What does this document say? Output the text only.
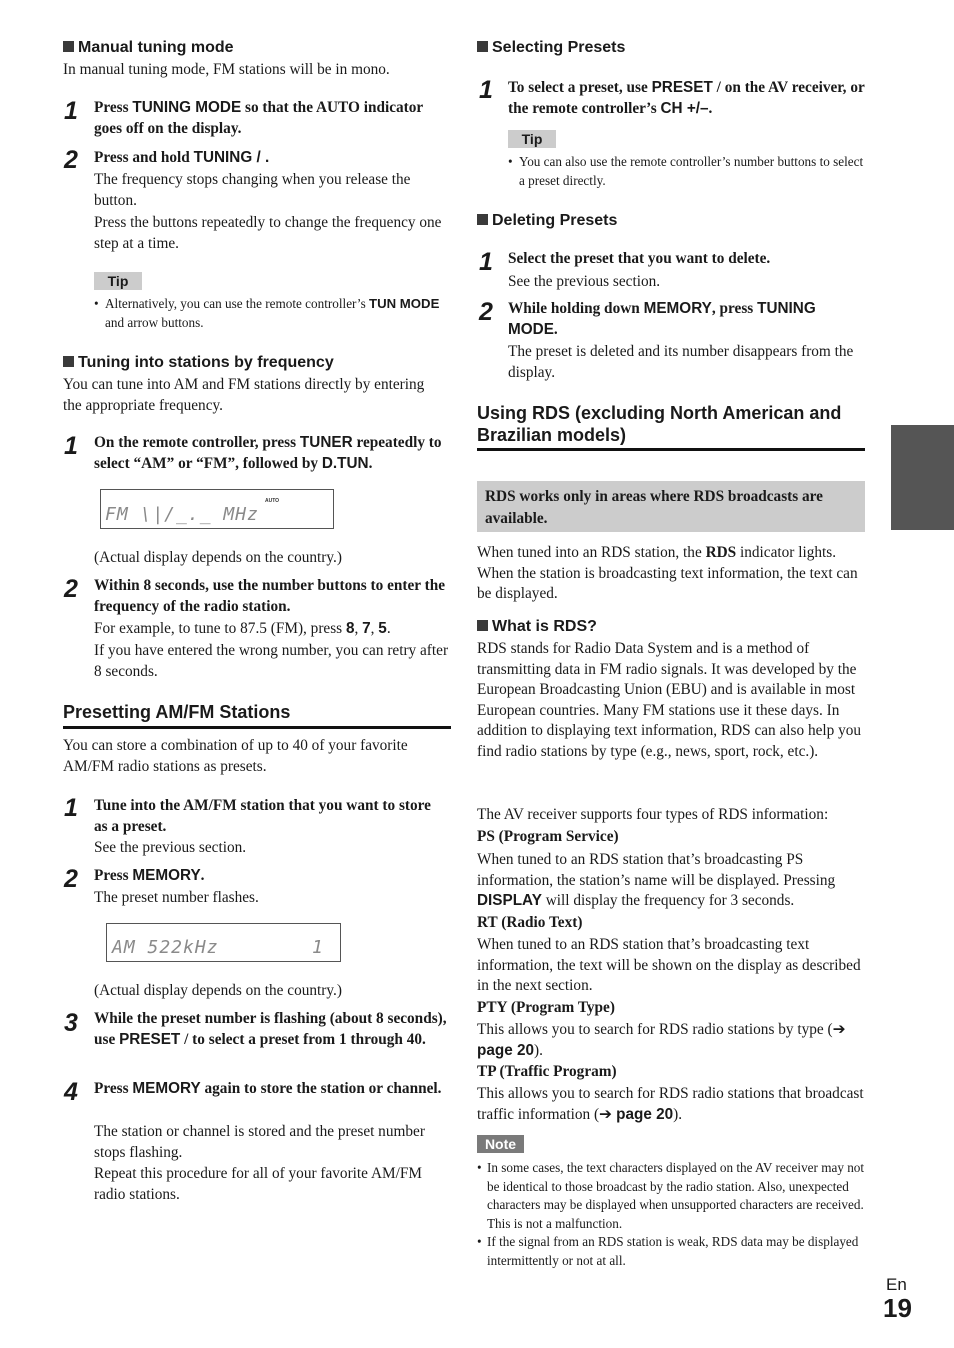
Manual tuning mode
In manual tuning mode, FM stations will be in mono.
1 Press TUNING MODE so that the AUTO indicator goes off on the display.
2 Press and hold TUNING / .
The frequency stops changing when you release the button.
Press the buttons repeatedly to change the frequency one step at a time.
Tip
• Alternatively, you can use the remote controller’s TUN MODE and arrow buttons.
Tuning into stations by frequency
You can tune into AM and FM stations directly by entering the appropriate frequency.
1 On the remote controller, press TUNER repeatedly to select “AM” or “FM”, followed by D.TUN.
FM \|/_._ MHz
AUTO
(Actual display depends on the country.)
2 Within 8 seconds, use the number buttons to enter the frequency of the radio station.
For example, to tune to 87.5 (FM), press 8, 7, 5.
If you have entered the wrong number, you can retry after 8 seconds.
Presetting AM/FM Stations
You can store a combination of up to 40 of your favorite AM/FM radio stations as presets.
1 Tune into the AM/FM station that you want to store as a preset.
See the previous section.
2 Press MEMORY.
The preset number flashes.
AM 522kHz	1
(Actual display depends on the country.)
3 While the preset number is flashing (about 8 seconds), use PRESET / to select a preset from 1 through 40.
4 Press MEMORY again to store the station or channel.
The station or channel is stored and the preset number stops flashing.
Repeat this procedure for all of your favorite AM/FM radio stations.
Selecting Presets
1 To select a preset, use PRESET / on the AV receiver, or the remote controller’s CH +/–.
Tip
• You can also use the remote controller’s number buttons to select a preset directly.
Deleting Presets
1 Select the preset that you want to delete.
See the previous section.
2 While holding down MEMORY, press TUNING MODE.
The preset is deleted and its number disappears from the display.
Using RDS (excluding North American and Brazilian models)
RDS works only in areas where RDS broadcasts are available.
When tuned into an RDS station, the RDS indicator lights. When the station is broadcasting text information, the text can be displayed.
What is RDS?
RDS stands for Radio Data System and is a method of transmitting data in FM radio signals. It was developed by the European Broadcasting Union (EBU) and is available in most European countries. Many FM stations use it these days. In addition to displaying text information, RDS can also help you find radio stations by type (e.g., news, sport, rock, etc.).
The AV receiver supports four types of RDS information:
PS (Program Service)
When tuned to an RDS station that’s broadcasting PS information, the station’s name will be displayed. Pressing DISPLAY will display the frequency for 3 seconds.
RT (Radio Text)
When tuned to an RDS station that’s broadcasting text information, the text will be shown on the display as described in the next section.
PTY (Program Type)
This allows you to search for RDS radio stations by type (➔ page 20).
TP (Traffic Program)
This allows you to search for RDS radio stations that broadcast traffic information (➔ page 20).
Note
• In some cases, the text characters displayed on the AV receiver may not be identical to those broadcast by the radio station. Also, unexpected characters may be displayed when unsupported characters are received. This is not a malfunction.
• If the signal from an RDS station is weak, RDS data may be displayed intermittently or not at all.
En
19
